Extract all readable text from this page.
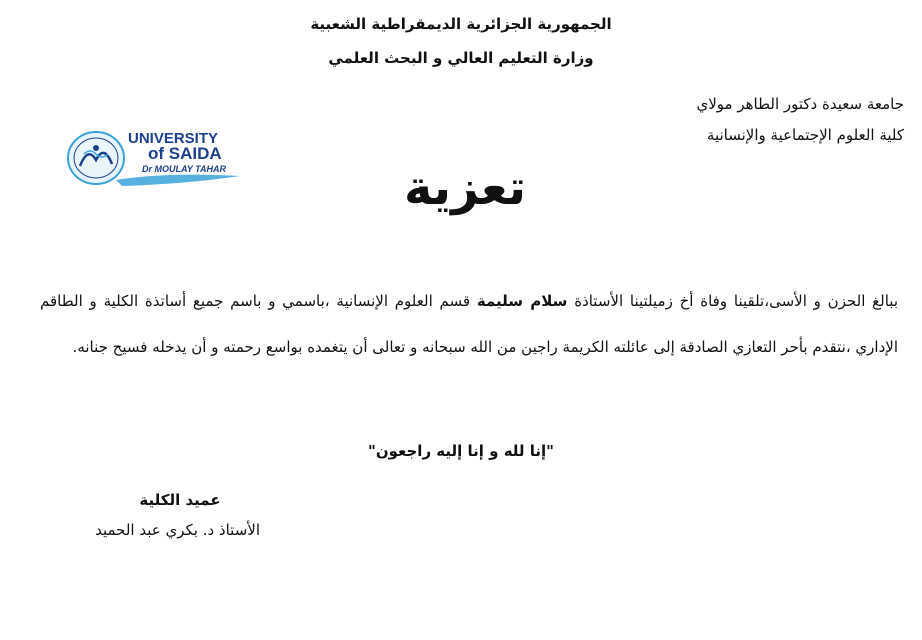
الجمهورية الجزائرية الديمقراطية الشعبية
وزارة التعليم العالي و البحث العلمي
جامعة سعيدة دكتور الطاهر مولاي
كلية العلوم الإجتماعية والإنسانية
UNIVERSITY
of SAIDA
Dr MOULAY TAHAR	تعزية
ببالغ الحزن و الأسى،تلقينا وفاة أخ زميلتينا الأستاذة سلام سليمة قسم العلوم الإنسانية ،باسمي و باسم جميع أساتذة الكلية و الطاقم الإداري ،نتقدم بأحر التعازي الصادقة إلى عائلته الكريمة راجين من الله سبحانه و تعالى أن يتغمده بواسع رحمته و أن يدخله فسيح جنانه.
"إنا لله و إنا إليه راجعون"
عميد الكلية
الأستاذ د. بكري عبد الحميد
